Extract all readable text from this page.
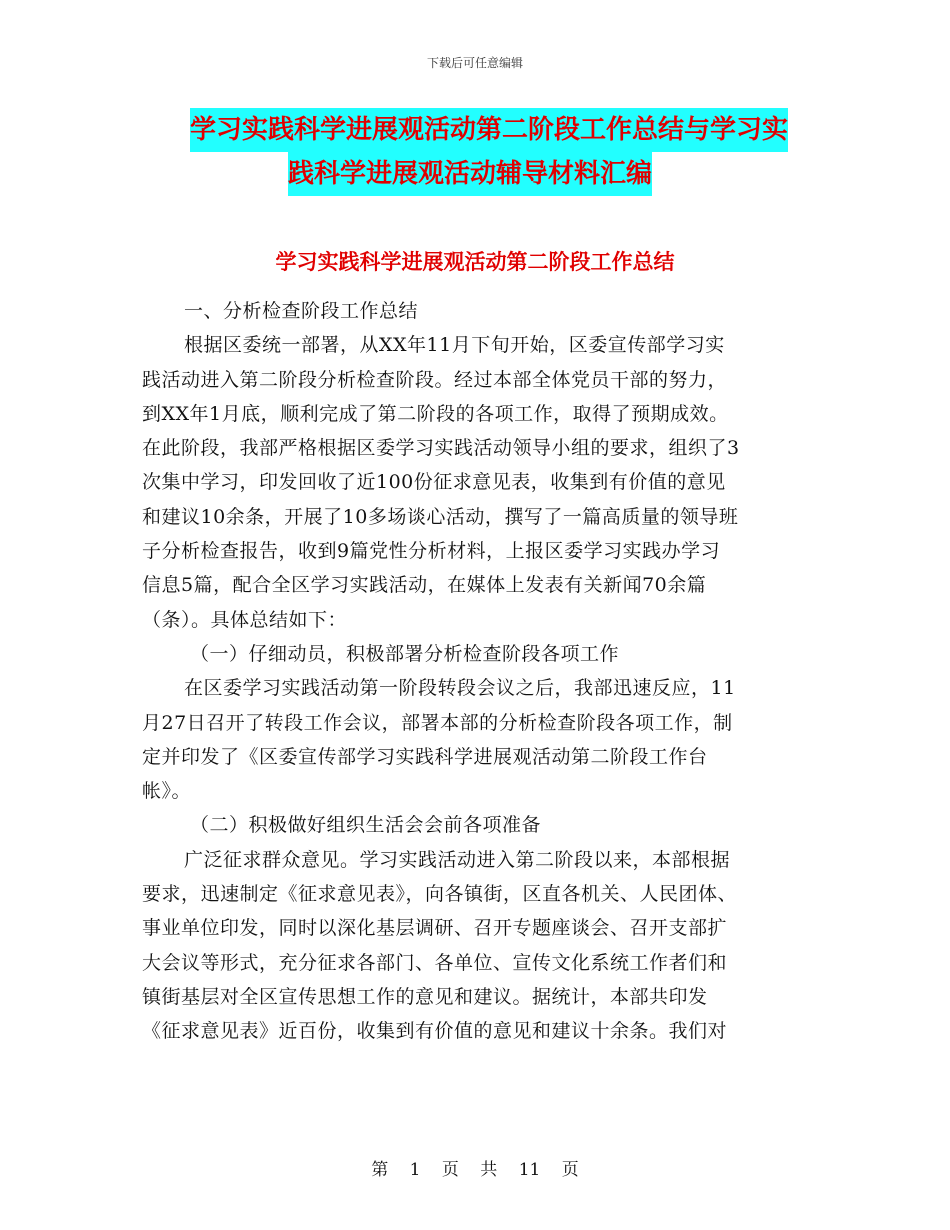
下载后可任意编辑
学习实践科学进展观活动第二阶段工作总结与学习实
践科学进展观活动辅导材料汇编
学习实践科学进展观活动第二阶段工作总结
一、分析检查阶段工作总结
根据区委统一部署，从XX年11月下旬开始，区委宣传部学习实
践活动进入第二阶段分析检查阶段。经过本部全体党员干部的努力，
到XX年1月底，顺利完成了第二阶段的各项工作，取得了预期成效。
在此阶段，我部严格根据区委学习实践活动领导小组的要求，组织了3
次集中学习，印发回收了近100份征求意见表，收集到有价值的意见
和建议10余条，开展了10多场谈心活动，撰写了一篇高质量的领导班
子分析检查报告，收到9篇党性分析材料，上报区委学习实践办学习
信息5篇，配合全区学习实践活动，在媒体上发表有关新闻70余篇
（条）。具体总结如下：
（一）仔细动员，积极部署分析检查阶段各项工作
在区委学习实践活动第一阶段转段会议之后，我部迅速反应，11
月27日召开了转段工作会议，部署本部的分析检查阶段各项工作，制
定并印发了《区委宣传部学习实践科学进展观活动第二阶段工作台
帐》。
（二）积极做好组织生活会会前各项准备
广泛征求群众意见。学习实践活动进入第二阶段以来，本部根据
要求，迅速制定《征求意见表》，向各镇街，区直各机关、人民团体、
事业单位印发，同时以深化基层调研、召开专题座谈会、召开支部扩
大会议等形式，充分征求各部门、各单位、宣传文化系统工作者们和
镇街基层对全区宣传思想工作的意见和建议。据统计，本部共印发
《征求意见表》近百份，收集到有价值的意见和建议十余条。我们对
第 1 页 共 11 页
